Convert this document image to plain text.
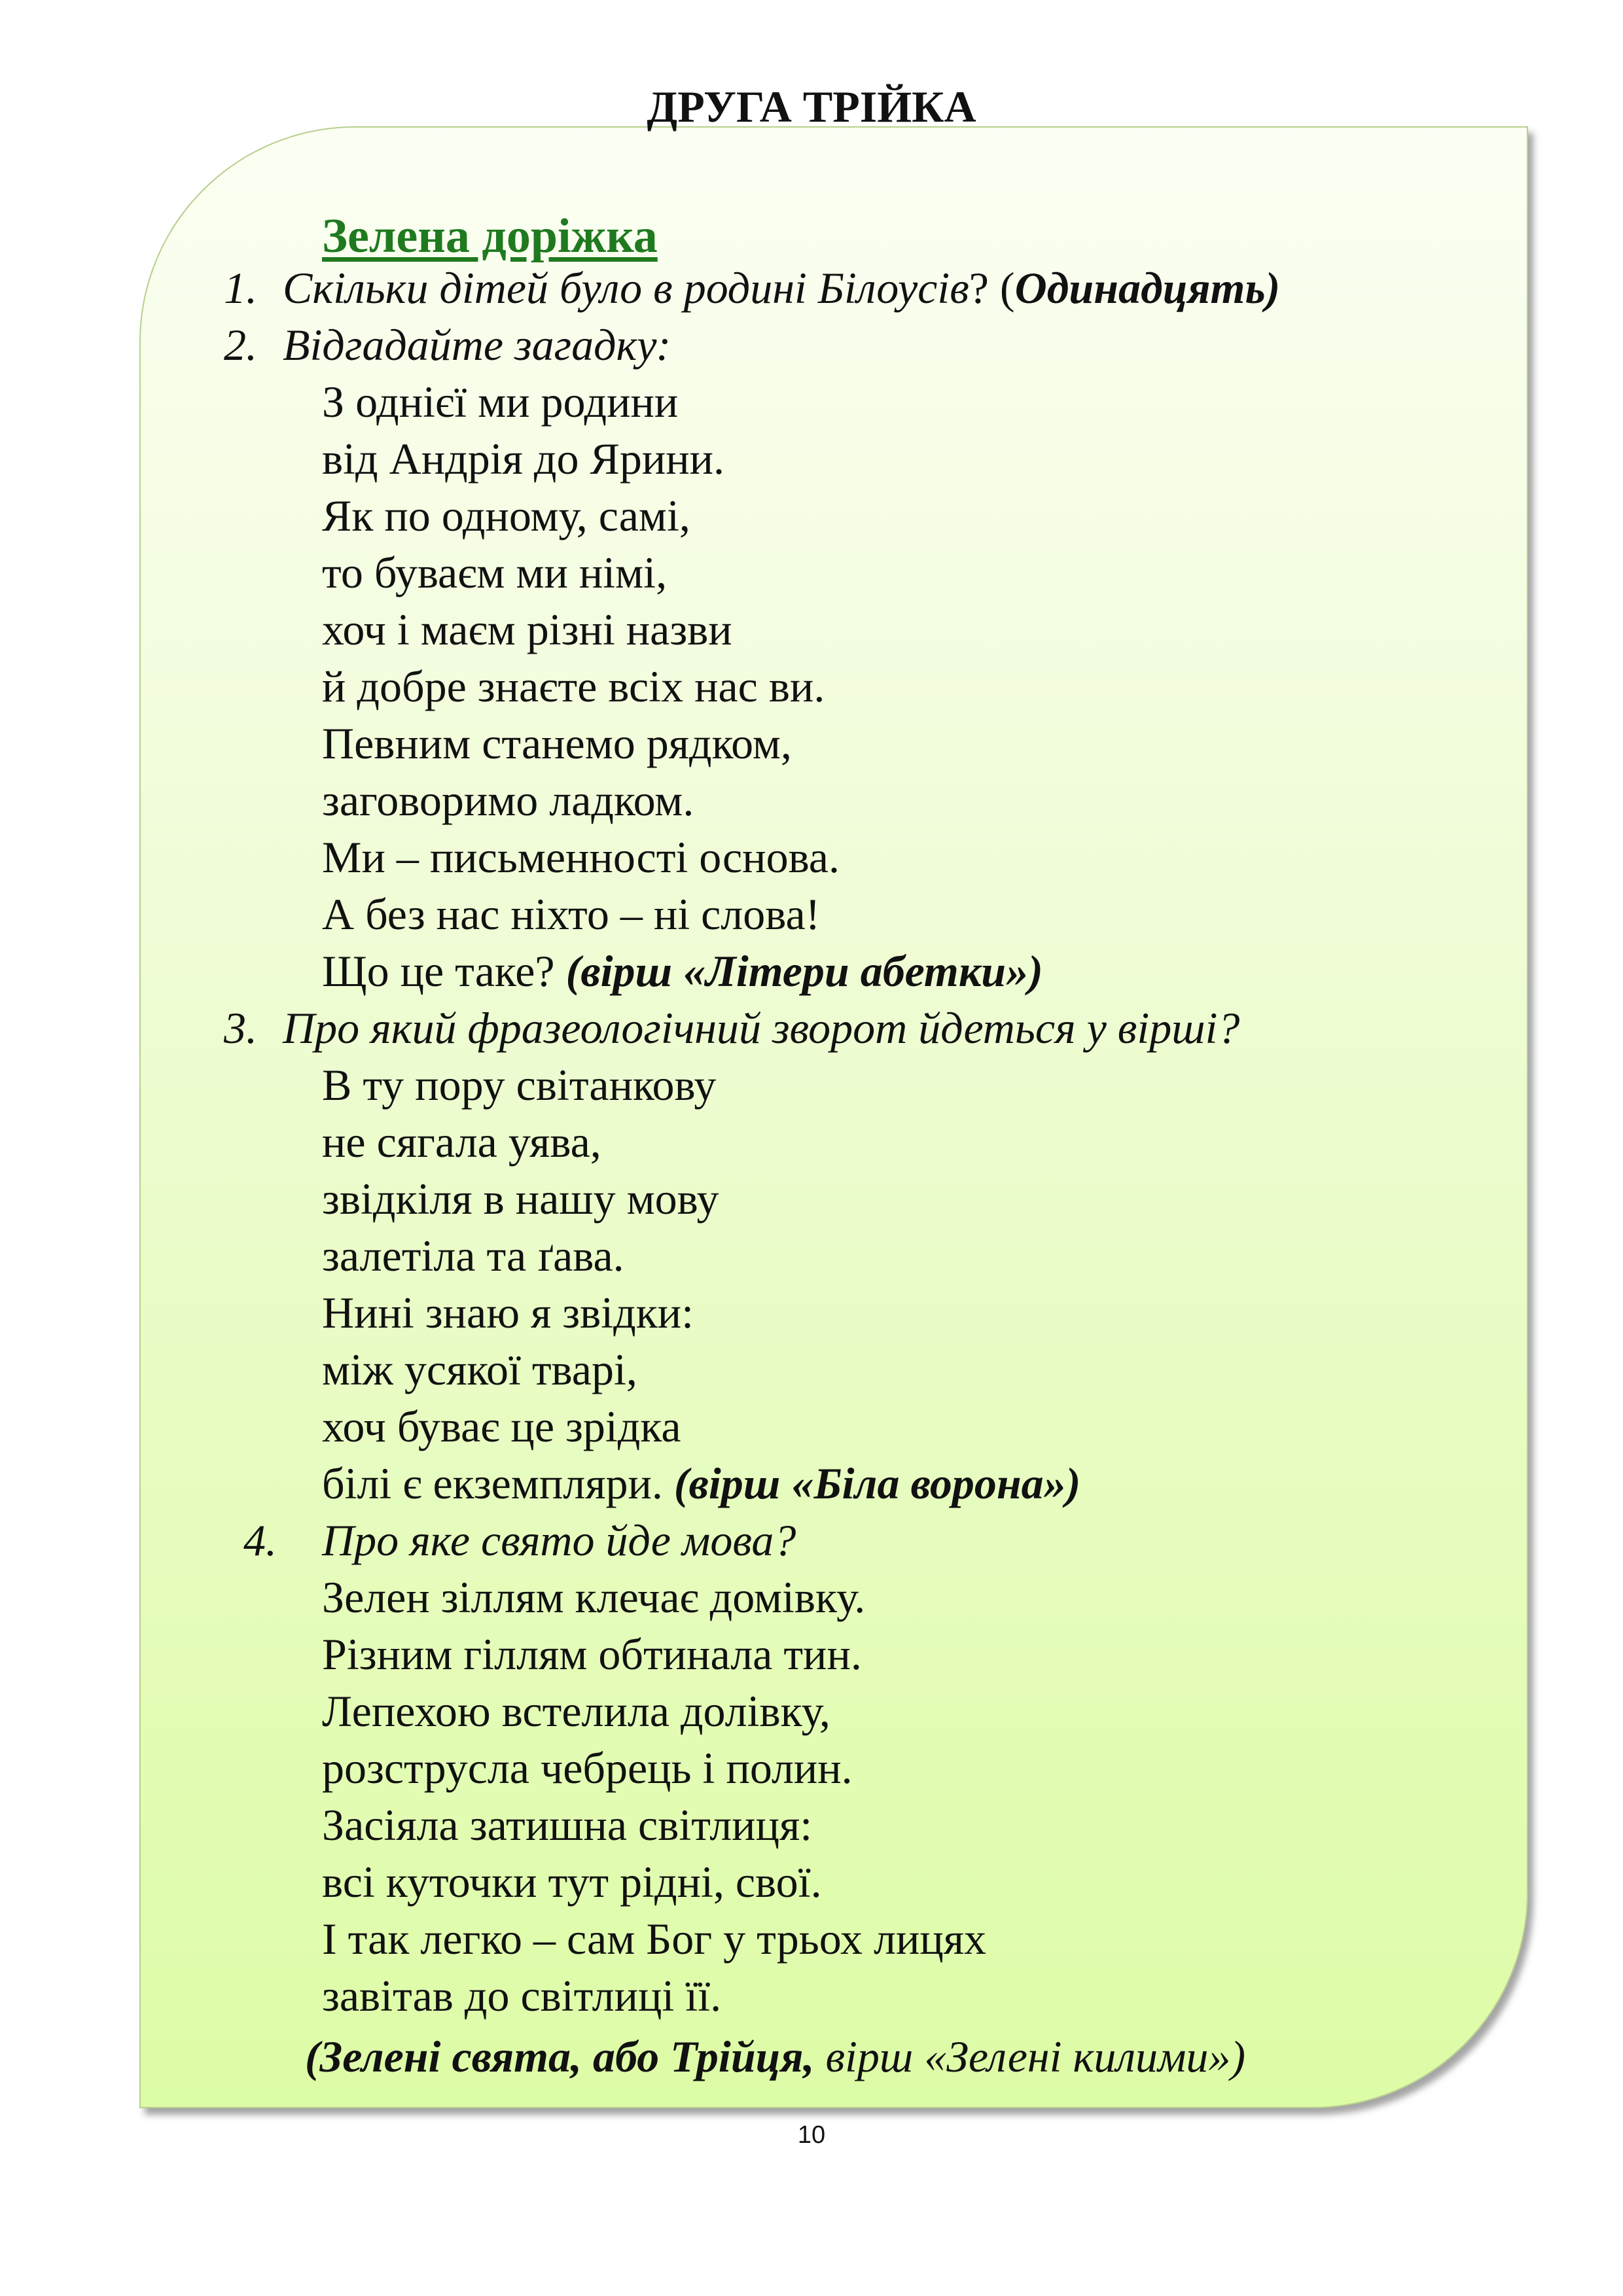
ДРУГА ТРІЙКА
Зелена доріжка
1. Скільки дітей було в родині Білоусів? (Одинадцять)
2. Відгадайте загадку:
З однієї ми родини
від Андрія до Ярини.
Як по одному, самі,
то буваєм ми німі,
хоч і маєм різні назви
й добре знаєте всіх нас ви.
Певним станемо рядком,
заговоримо ладком.
Ми – письменності основа.
А без нас ніхто – ні слова!
Що це таке? (вірш «Літери абетки»)
3. Про який фразеологічний зворот йдеться у вірші?
В ту пору світанкову
не сягала уява,
звідкіля в нашу мову
залетіла та ґава.
Нині знаю я звідки:
між усякої тварі,
хоч буває це зрідка
білі є екземпляри. (вірш «Біла ворона»)
4. Про яке свято йде мова?
Зелен зіллям клечає домівку.
Різним гіллям обтинала тин.
Лепехою встелила долівку,
розструсла чебрець і полин.
Засіяла затишна світлиця:
всі куточки тут рідні, свої.
І так легко – сам Бог у трьох лицях
завітав до світлиці її.
(Зелені свята, або Трійця, вірш «Зелені килими»)
10
